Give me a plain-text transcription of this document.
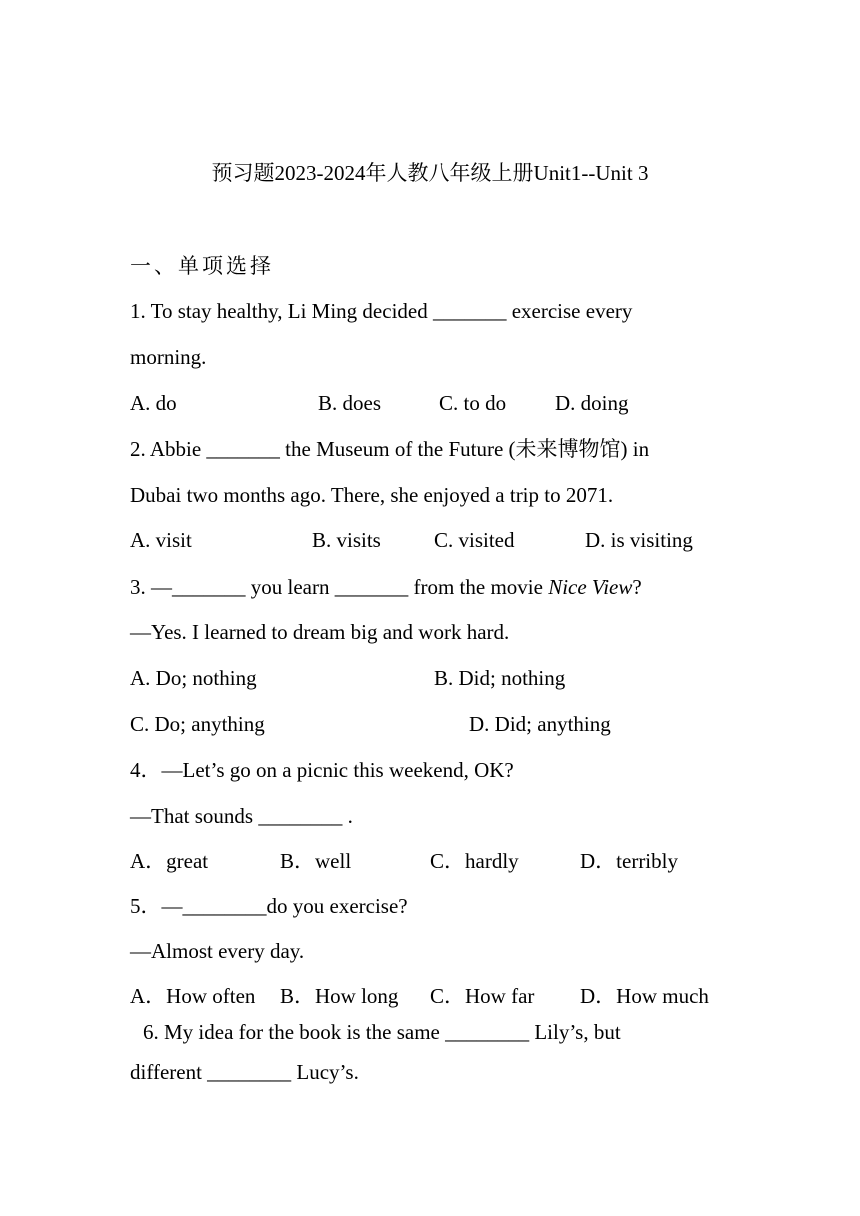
预习题2023-2024年人教八年级上册Unit1--Unit 3
一、单项选择
1. To stay healthy, Li Ming decided _______ exercise every
morning.
A. do	B. does	C. to do D. doing
2. Abbie _______ the Museum of the Future (未来博物馆) in
Dubai two months ago. There, she enjoyed a trip to 2071.
A. visit	B. visits	C. visited	D. is visiting
3. —_______ you learn _______ from the movie Nice View?
—Yes. I learned to dream big and work hard.
A. Do; nothing	B. Did; nothing
C. Do; anything	D. Did; anything
4．—Let’s go on a picnic this weekend, OK?
—That sounds ________ .
A．great	B．well	C．hardly	D．terribly
5．—________do you exercise?
—Almost every day.
A．How often B．How long C．How far D．How much
6. My idea for the book is the same ________ Lily’s, but
different ________ Lucy’s.
